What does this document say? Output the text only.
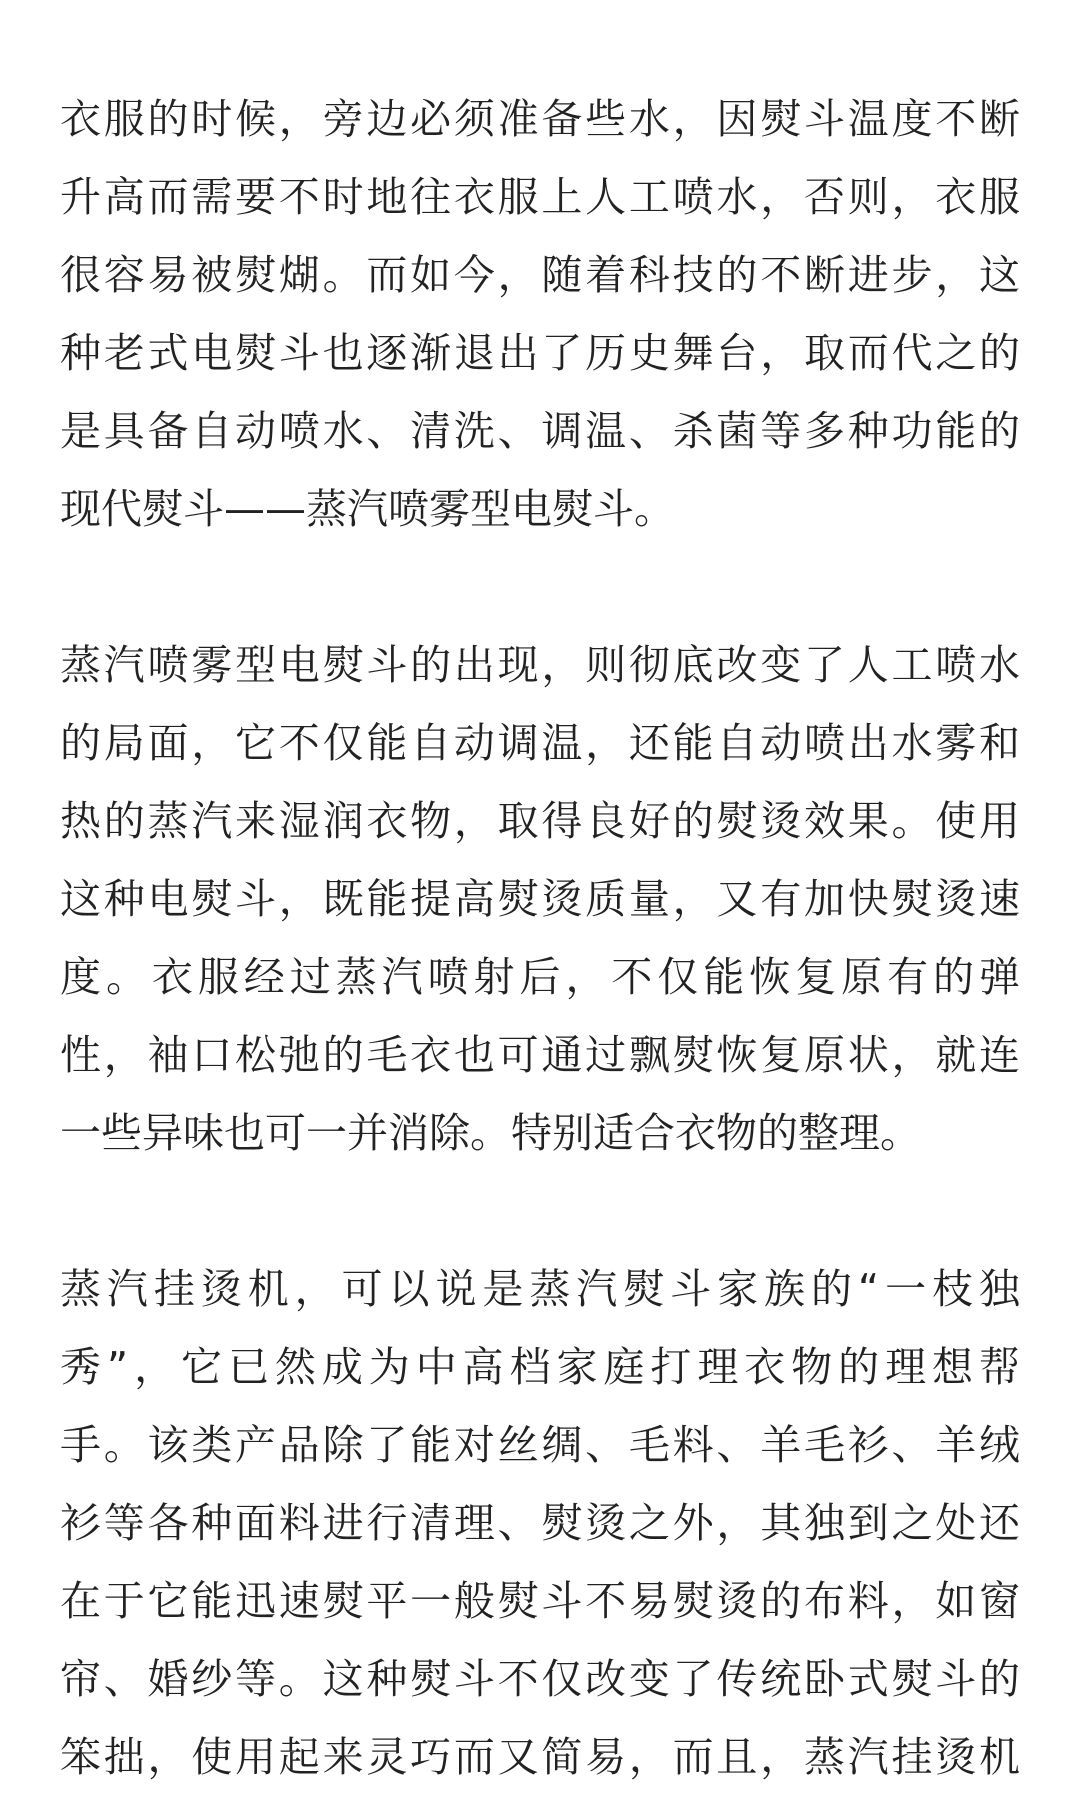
衣服的时候，旁边必须准备些水，因熨斗温度不断
升高而需要不时地往衣服上人工喷水，否则，衣服
很容易被熨煳。而如今，随着科技的不断进步，这
种老式电熨斗也逐渐退出了历史舞台，取而代之的
是具备自动喷水、清洗、调温、杀菌等多种功能的
现代熨斗——蒸汽喷雾型电熨斗。

蒸汽喷雾型电熨斗的出现，则彻底改变了人工喷水
的局面，它不仅能自动调温，还能自动喷出水雾和
热的蒸汽来湿润衣物，取得良好的熨烫效果。使用
这种电熨斗，既能提高熨烫质量，又有加快熨烫速
度。衣服经过蒸汽喷射后，不仅能恢复原有的弹
性，袖口松弛的毛衣也可通过飘熨恢复原状，就连
一些异味也可一并消除。特别适合衣物的整理。

蒸汽挂烫机，可以说是蒸汽熨斗家族的“一枝独
秀”，它已然成为中高档家庭打理衣物的理想帮
手。该类产品除了能对丝绸、毛料、羊毛衫、羊绒
衫等各种面料进行清理、熨烫之外，其独到之处还
在于它能迅速熨平一般熨斗不易熨烫的布料，如窗
帘、婚纱等。这种熨斗不仅改变了传统卧式熨斗的
笨拙，使用起来灵巧而又简易，而且，蒸汽挂烫机
